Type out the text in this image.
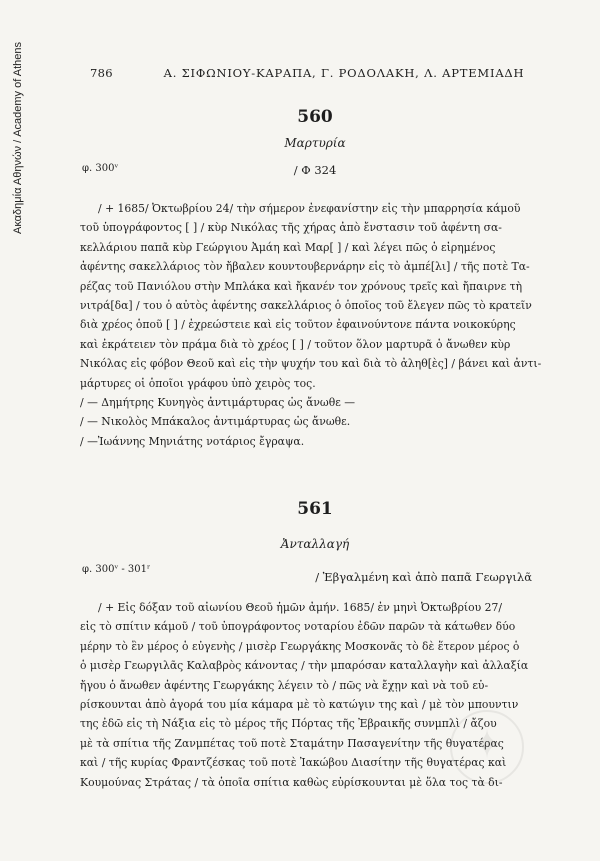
Ακαδημία Αθηνών / Academy of Athens	786	Α. ΣΙΦΩΝΙΟΥ-ΚΑΡΑΠΑ, Γ. ΡΟΔΟΛΑΚΗ, Λ. ΑΡΤΕΜΙΑΔΗ
560
Μαρτυρία
φ. 300ᵛ	/ Φ 324

/ + 1685/ Ὀκτωβρίου 24/ τὴν σήμερον ἐνεφανίστην εἰς τὴν μπαρρησία κάμοῦ
τοῦ ὑπογράφοντος [ ] / κὺρ Νικόλας τῆς χήρας ἀπὸ ἔνστασιν τοῦ ἀφέντη σα-
κελλάριου παπᾶ κὺρ Γεώργιου Ἀμάη καὶ Μαρ[ ] / καὶ λέγει πῶς ὁ εἰρημένος
ἀφέντης σακελλάριος τὸν ἤβαλεν κουντουβερνάρην εἰς τὸ ἀμπέ[λι] / τῆς ποτὲ Τα-
ρέζας τοῦ Πανιόλου στὴν Μπλάκα καὶ ἤκανέν τον χρόνους τρεῖς καὶ ἤπαιρνε τὴ
νιτρά[δα] / του ὁ αὐτὸς ἀφέντης σακελλάριος ὁ ὁποῖος τοῦ ἔλεγεν πῶς τὸ κρατεῖν
διὰ χρέος ὁποῦ [ ] / ἐχρεώστειε καὶ εἰς τοῦτον ἐφαινούντονε πάντα νοικοκύρης
καὶ ἐκράτειεν τὸν πράμα διὰ τὸ χρέος [ ] / τοῦτον ὅλον μαρτυρᾶ ὁ ἄνωθεν κὺρ
Νικόλας εἰς φόβον Θεοῦ καὶ εἰς τὴν ψυχήν του καὶ διὰ τὸ ἀληθ[ὲς] / βάνει καὶ ἀντι-
μάρτυρες οἱ ὁποῖοι γράφου ὑπὸ χειρὸς τος.

/ — Δημήτρης Κυνηγὸς ἀντιμάρτυρας ὡς ἄνωθε —
/ — Νικολὸς Μπάκαλος ἀντιμάρτυρας ὡς ἄνωθε.
/ —Ἰωάννης Μηνιάτης νοτάριος ἔγραψα.
561
Ἀνταλλαγή
φ. 300ᵛ - 301ʳ
/ Ἐβγαλμένη καὶ ἀπὸ παπᾶ Γεωργιλᾶ

/ + Εἰς δόξαν τοῦ αἰωνίου Θεοῦ ἡμῶν ἀμήν. 1685/ ἐν μηνὶ Ὀκτωβρίου 27/
εἰς τὸ σπίτιν κάμοῦ / τοῦ ὑπογράφοντος νοταρίου ἐδῶν παρῶν τὰ κάτωθεν δύο
μέρην τὸ ἓν μέρος ὁ εὐγενὴς / μισὲρ Γεωργάκης Μοσκονᾶς τὸ δὲ ἕτερον μέρος ὁ
ὁ μισὲρ Γεωργιλᾶς Καλαβρὸς κάνοντας / τὴν μπαρόσαν καταλλαγὴν καὶ ἀλλαξία
ἤγου ὁ ἄνωθεν ἀφέντης Γεωργάκης λέγειν τὸ / πῶς νὰ ἔχῃν καὶ νὰ τοῦ εὑ-
ρίσκουνται ἀπὸ ἀγορά του μία κάμαρα μὲ τὸ κατώγιν της καὶ / μὲ τὸν μπουντιν
της ἐδῶ εἰς τὴ Νάξια εἰς τὸ μέρος τῆς Πόρτας τῆς Ἐβραικῆς συνμπλὶ / ἄζου
μὲ τὰ σπίτια τῆς Ζανμπέτας τοῦ ποτὲ Σταμάτην Πασαγενίτην τῆς θυγατέρας
καὶ / τῆς κυρίας Φραντζέσκας τοῦ ποτὲ Ἰακώβου Διασίτην τῆς θυγατέρας καὶ
Κουμούνας Στράτας / τὰ ὁποῖα σπίτια καθὼς εὑρίσκουνται μὲ ὅλα τος τὰ δι-

✦
